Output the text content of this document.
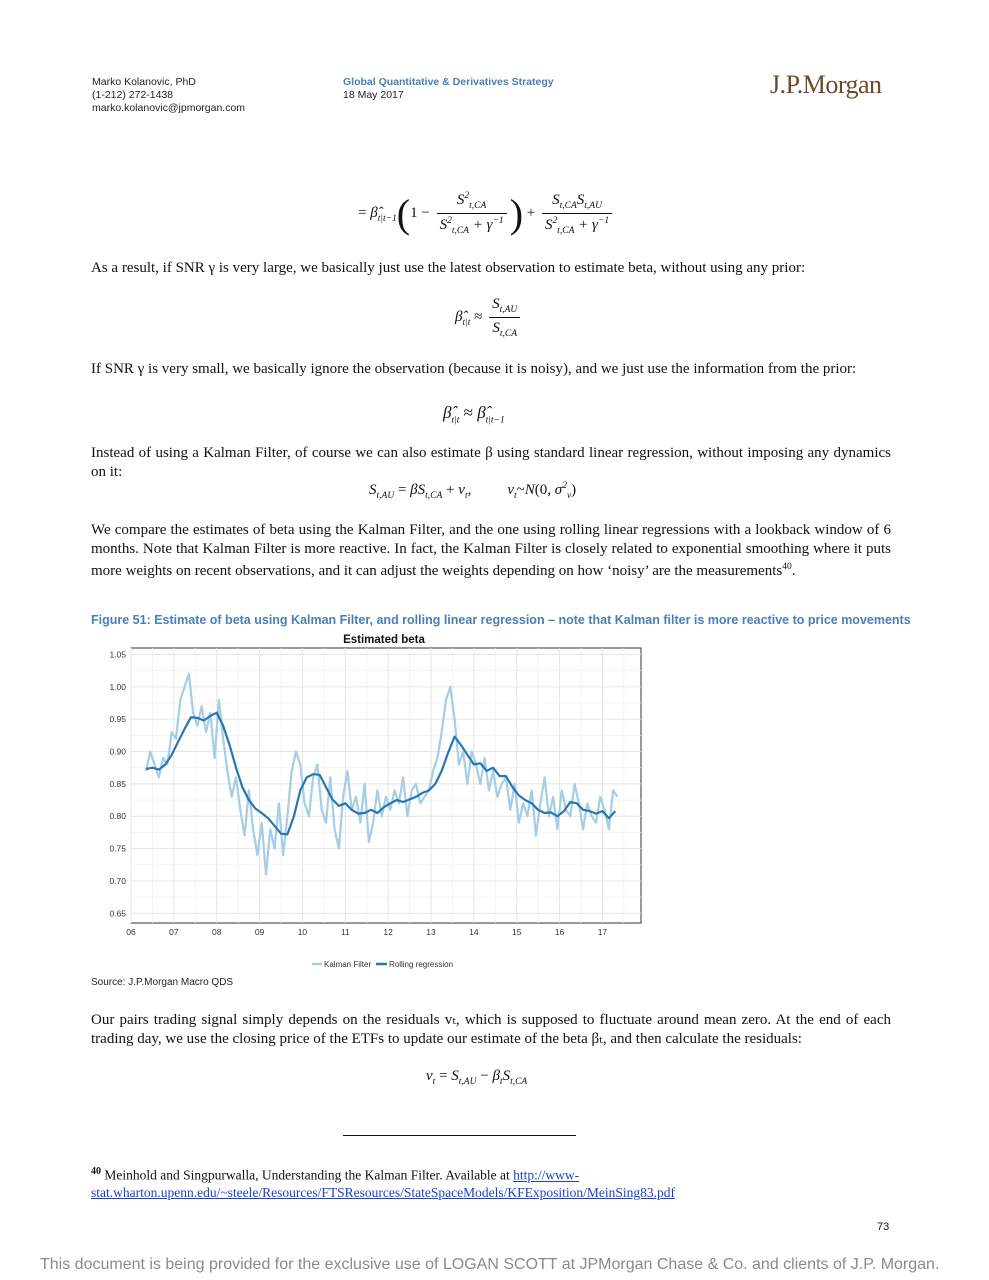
Marko Kolanovic, PhD
(1-212) 272-1438
marko.kolanovic@jpmorgan.com
Global Quantitative & Derivatives Strategy
18 May 2017	J.P.Morgan
= $\betâ_{t|t-1}(1 - \frac{S^2_{t,CA}}{S^2_{t,CA} + \gamma^{-1}}$ ) + $\frac{S_{t,CA}S_{t,AU}}{S^2_{t,CA} + \gamma^{-1}}$
As a result, if SNR γ is very large, we basically just use the latest observation to estimate beta, without using any prior:
$\betâ_{t|t} \approx \frac{S_{t,AU}}{S_{t,CA}}$
If SNR γ is very small, we basically ignore the observation (because it is noisy), and we just use the information from the prior:
$\betâ_{t|t}$ ≈ $\betâ_{t|t-1}$
Instead of using a Kalman Filter, of course we can also estimate β using standard linear regression, without imposing any dynamics on it:
$S_{t,AU} = \beta S_{t,CA} + v_t$, $v_t\sim N(0$, $\sigma^2_v$)
We compare the estimates of beta using the Kalman Filter, and the one using rolling linear regressions with a lookback window of 6 months. Note that Kalman Filter is more reactive. In fact, the Kalman Filter is closely related to exponential smoothing where it puts more weights on recent observations, and it can adjust the weights depending on how ‘noisy’ are the measurements$^{40}$.
Figure 51: Estimate of beta using Kalman Filter, and rolling linear regression – note that Kalman filter is more reactive to price movements
Estimated beta
06	07	08	09	10	11	12	13	14	15	16	17
0.65
0.70
0.75
0.80
0.85
0.90
0.95
1.00
1.05
Kalman Filter Rolling regression
Source: J.P.Morgan Macro QDS
Our pairs trading signal simply depends on the residuals vₜ, which is supposed to fluctuate around mean zero. At the end of each trading day, we use the closing price of the ETFs to update our estimate of the beta βₜ, and then calculate the residuals:
$v_t = S_{t,AU} - \beta_tS_{t,CA}$
$^{40}$ Meinhold and Singpurwalla, Understanding the Kalman Filter. Available at http://www-
stat.wharton.upenn.edu/~steele/Resources/FTSResources/StateSpaceModels/KFExposition/MeinSing83.pdf
73
This document is being provided for the exclusive use of LOGAN SCOTT at JPMorgan Chase & Co. and clients of J.P. Morgan.
